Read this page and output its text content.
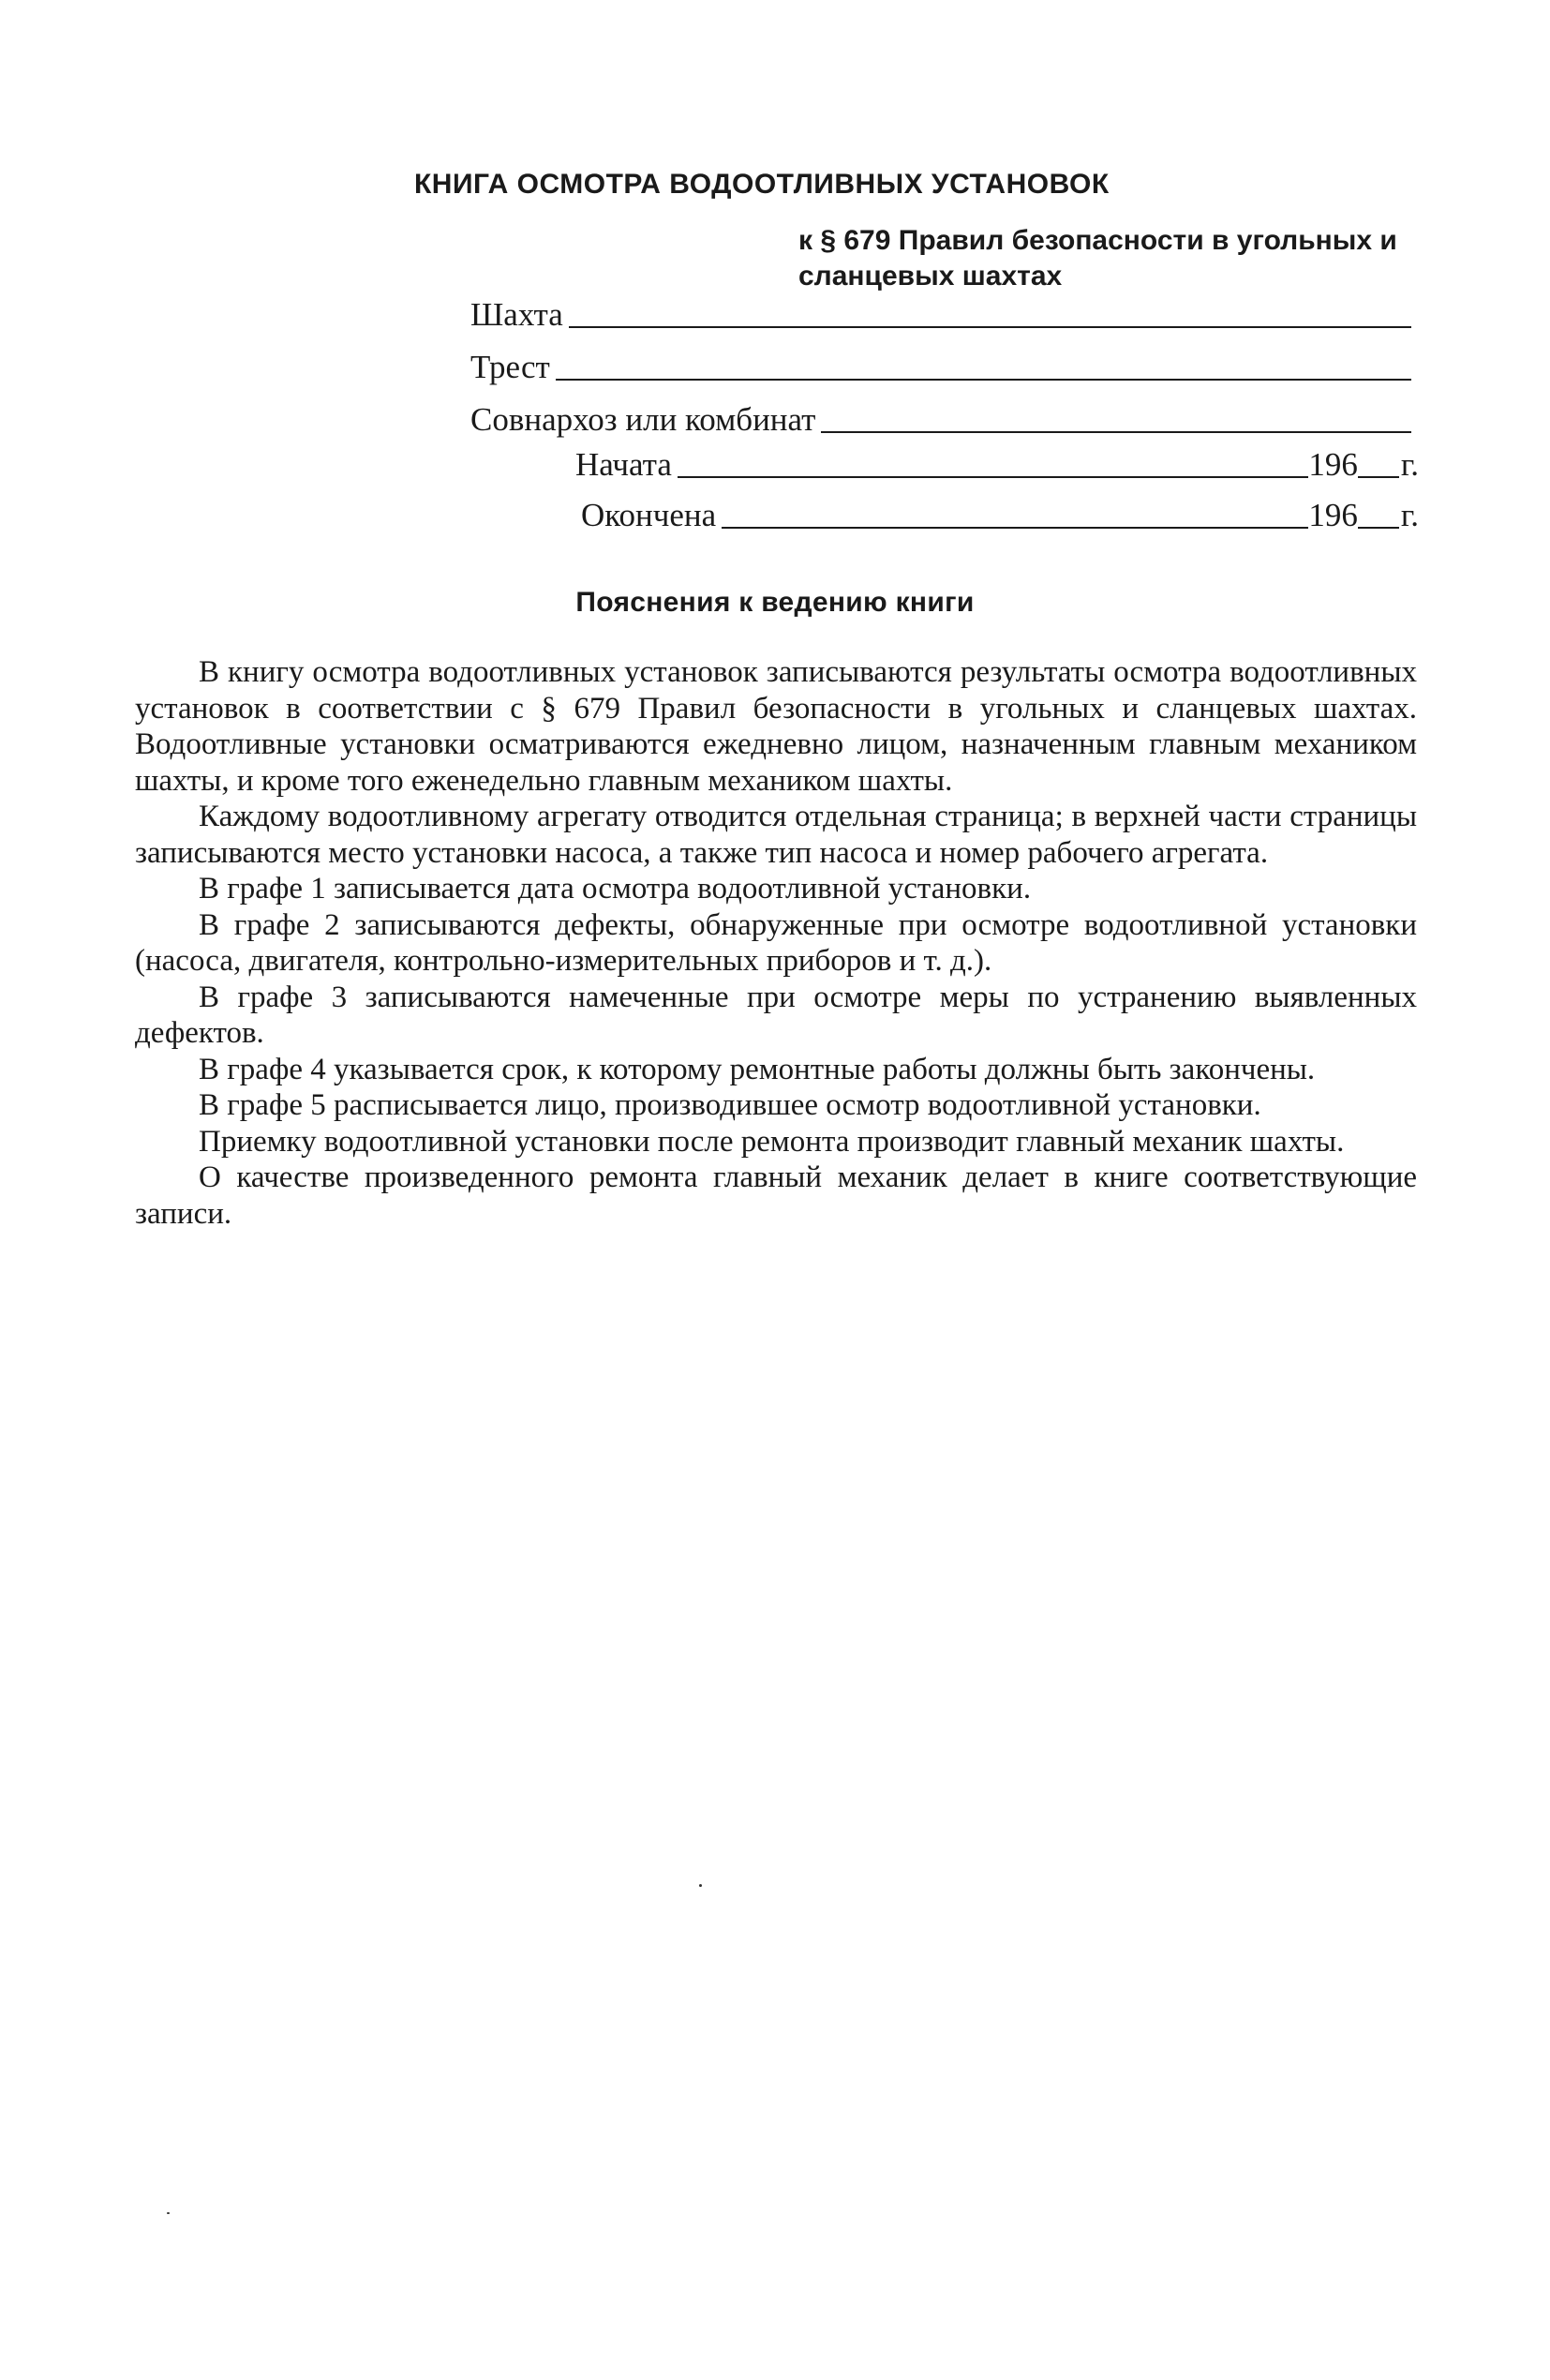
КНИГА ОСМОТРА ВОДООТЛИВНЫХ УСТАНОВОК
к § 679 Правил безопасности в угольных и сланцевых шахтах
Шахта
Трест
Совнархоз или комбинат
Начата	196 г.
Окончена	196 г.
Пояснения к ведению книги

В книгу осмотра водоотливных установок записываются результаты осмотра водоотливных установок в соответствии с § 679 Правил безопасности в угольных и сланцевых шахтах. Водоотливные установки осматриваются ежедневно лицом, назначенным главным механиком шахты, и кроме того еженедельно главным механиком шахты.

Каждому водоотливному агрегату отводится отдельная страница; в верхней части страницы записываются место установки насоса, а также тип насоса и номер рабочего агрегата.

В графе 1 записывается дата осмотра водоотливной установки.

В графе 2 записываются дефекты, обнаруженные при осмотре водоотливной установки (насоса, двигателя, контрольно-измерительных приборов и т. д.).

В графе 3 записываются намеченные при осмотре меры по устранению выявленных дефектов.

В графе 4 указывается срок, к которому ремонтные работы должны быть закончены.

В графе 5 расписывается лицо, производившее осмотр водоотливной установки.

Приемку водоотливной установки после ремонта производит главный механик шахты.

О качестве произведенного ремонта главный механик делает в книге соответствующие записи.
